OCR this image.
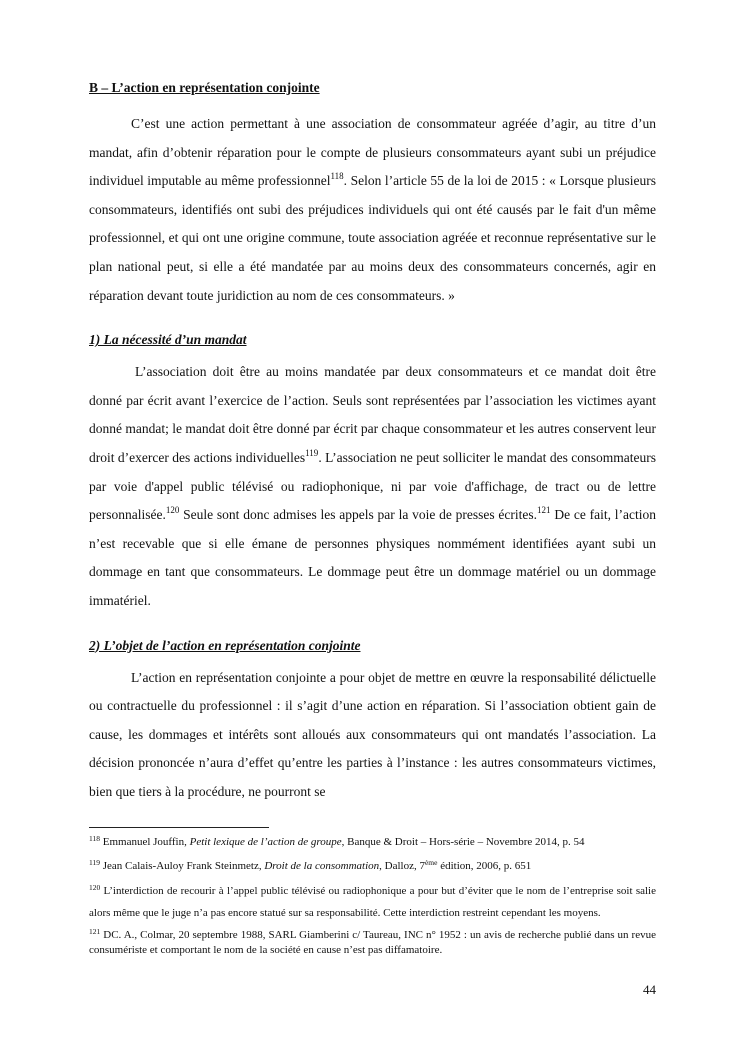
B – L’action en représentation conjointe

C’est une action permettant à une association de consommateur agréée d’agir, au titre d’un mandat, afin d’obtenir réparation pour le compte de plusieurs consommateurs ayant subi un préjudice individuel imputable au même professionnel$^{118}$. Selon l’article 55 de la loi de 2015 : « Lorsque plusieurs consommateurs, identifiés ont subi des préjudices individuels qui ont été causés par le fait d'un même professionnel, et qui ont une origine commune, toute association agréée et reconnue représentative sur le plan national peut, si elle a été mandatée par au moins deux des consommateurs concernés, agir en réparation devant toute juridiction au nom de ces consommateurs. »

1) La nécessité d’un mandat

L’association doit être au moins mandatée par deux consommateurs et ce mandat doit être donné par écrit avant l’exercice de l’action. Seuls sont représentées par l’association les victimes ayant donné mandat; le mandat doit être donné par écrit par chaque consommateur et les autres conservent leur droit d’exercer des actions individuelles$^{119}$. L’association ne peut solliciter le mandat des consommateurs par voie d'appel public télévisé ou radiophonique, ni par voie d'affichage, de tract ou de lettre personnalisée.$^{120}$ Seule sont donc admises les appels par la voie de presses écrites.$^{121}$ De ce fait, l’action n’est recevable que si elle émane de personnes physiques nommément identifiées ayant subi un dommage en tant que consommateurs. Le dommage peut être un dommage matériel ou un dommage immatériel.

2) L’objet de l’action en représentation conjointe

L’action en représentation conjointe a pour objet de mettre en œuvre la responsabilité délictuelle ou contractuelle du professionnel : il s’agit d’une action en réparation. Si l’association obtient gain de cause, les dommages et intérêts sont alloués aux consommateurs qui ont mandatés l’association. La décision prononcée n’aura d’effet qu’entre les parties à l’instance : les autres consommateurs victimes, bien que tiers à la procédure, ne pourront se

$^{118}$ Emmanuel Jouffin, Petit lexique de l’action de groupe, Banque & Droit – Hors-série – Novembre 2014, p. 54

$^{119}$ Jean Calais-Auloy Frank Steinmetz, Droit de la consommation, Dalloz, 7ème édition, 2006, p. 651

$^{120}$ L’interdiction de recourir à l’appel public télévisé ou radiophonique a pour but d’éviter que le nom de l’entreprise soit salie alors même que le juge n’a pas encore statué sur sa responsabilité. Cette interdiction restreint cependant les moyens.

$^{121}$ DC. A., Colmar, 20 septembre 1988, SARL Giamberini c/ Taureau, INC n° 1952 : un avis de recherche publié dans un revue consumériste et comportant le nom de la société en cause n’est pas diffamatoire.

44
